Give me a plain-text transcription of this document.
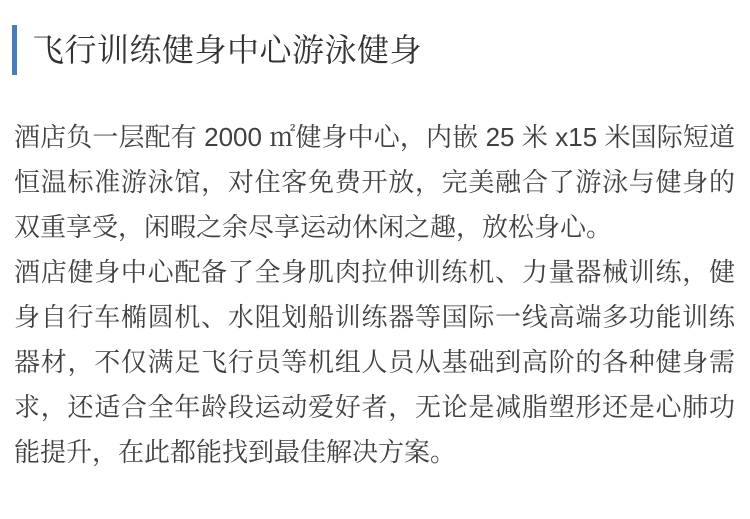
飞行训练健身中心游泳健身

酒店负一层配有 2000 ㎡健身中心，内嵌 25 米 x15 米国际短道恒温标准游泳馆，对住客免费开放，完美融合了游泳与健身的双重享受，闲暇之余尽享运动休闲之趣，放松身心。

酒店健身中心配备了全身肌肉拉伸训练机、力量器械训练，健身自行车椭圆机、水阻划船训练器等国际一线高端多功能训练器材，不仅满足飞行员等机组人员从基础到高阶的各种健身需求，还适合全年龄段运动爱好者，无论是减脂塑形还是心肺功能提升，在此都能找到最佳解决方案。
